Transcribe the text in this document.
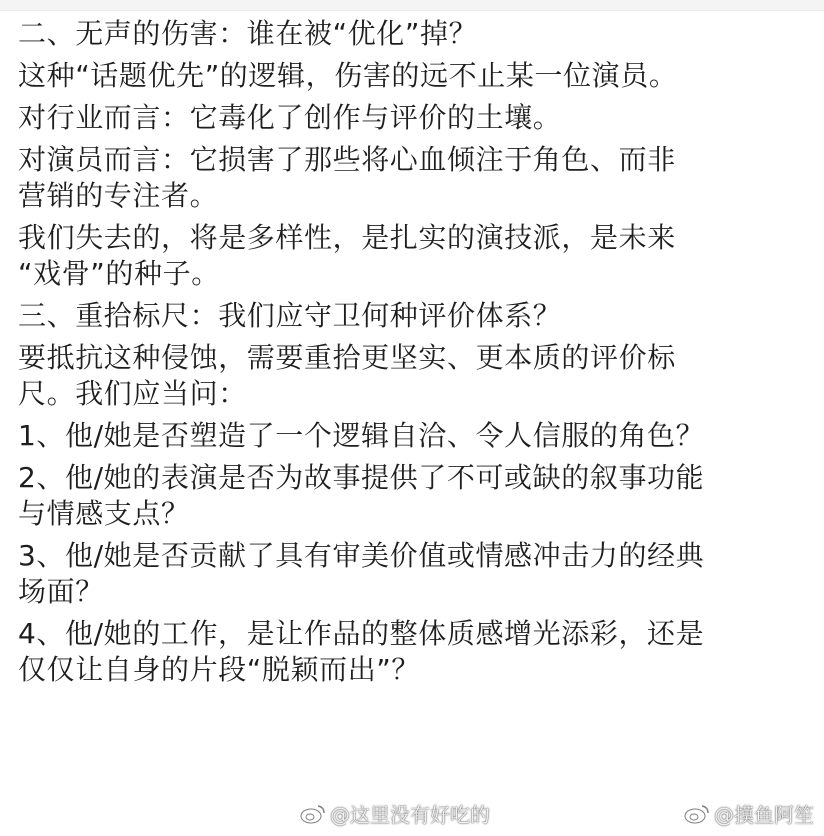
二、无声的伤害：谁在被“优化”掉？

这种“话题优先”的逻辑，伤害的远不止某一位演员。

对行业而言：它毒化了创作与评价的土壤。

对演员而言：它损害了那些将心血倾注于角色、而非

营销的专注者。

我们失去的，将是多样性，是扎实的演技派，是未来

“戏骨”的种子。

三、重拾标尺：我们应守卫何种评价体系？

要抵抗这种侵蚀，需要重拾更坚实、更本质的评价标

尺。我们应当问：

1、他/她是否塑造了一个逻辑自洽、令人信服的角色？

2、他/她的表演是否为故事提供了不可或缺的叙事功能

与情感支点？

3、他/她是否贡献了具有审美价值或情感冲击力的经典

场面？

4、他/她的工作，是让作品的整体质感增光添彩，还是

仅仅让自身的片段“脱颖而出”？

@这里没有好吃的	@摸鱼阿笙
